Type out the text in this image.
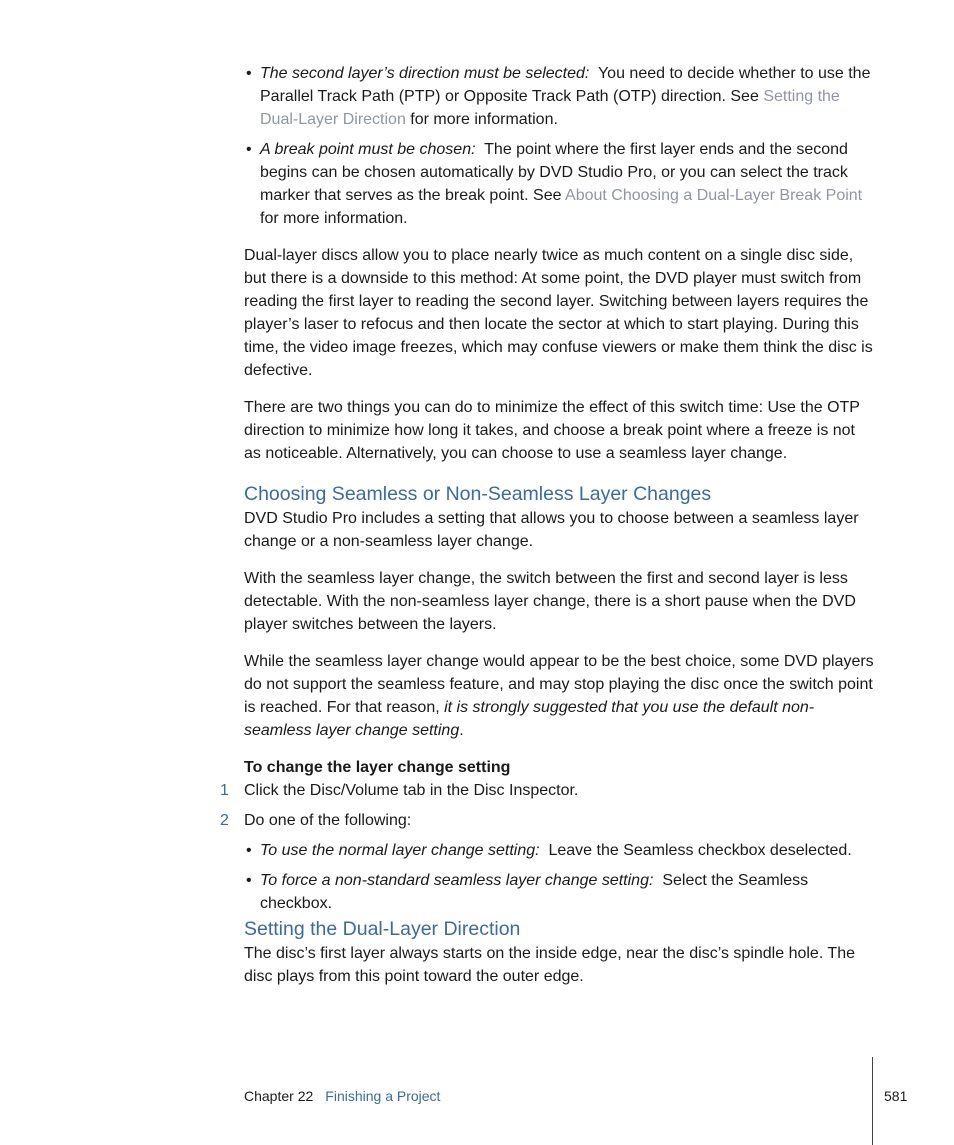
• The second layer’s direction must be selected: You need to decide whether to use the Parallel Track Path (PTP) or Opposite Track Path (OTP) direction. See Setting the Dual-Layer Direction for more information.
• A break point must be chosen: The point where the first layer ends and the second begins can be chosen automatically by DVD Studio Pro, or you can select the track marker that serves as the break point. See About Choosing a Dual-Layer Break Point for more information.

Dual-layer discs allow you to place nearly twice as much content on a single disc side, but there is a downside to this method: At some point, the DVD player must switch from reading the first layer to reading the second layer. Switching between layers requires the player’s laser to refocus and then locate the sector at which to start playing. During this time, the video image freezes, which may confuse viewers or make them think the disc is defective.

There are two things you can do to minimize the effect of this switch time: Use the OTP direction to minimize how long it takes, and choose a break point where a freeze is not as noticeable. Alternatively, you can choose to use a seamless layer change.

Choosing Seamless or Non-Seamless Layer Changes

DVD Studio Pro includes a setting that allows you to choose between a seamless layer change or a non-seamless layer change.

With the seamless layer change, the switch between the first and second layer is less detectable. With the non-seamless layer change, there is a short pause when the DVD player switches between the layers.

While the seamless layer change would appear to be the best choice, some DVD players do not support the seamless feature, and may stop playing the disc once the switch point is reached. For that reason, it is strongly suggested that you use the default non-seamless layer change setting.

To change the layer change setting
1 Click the Disc/Volume tab in the Disc Inspector.
2 Do one of the following:
• To use the normal layer change setting: Leave the Seamless checkbox deselected.
• To force a non-standard seamless layer change setting: Select the Seamless checkbox.
Setting the Dual-Layer Direction

The disc’s first layer always starts on the inside edge, near the disc’s spindle hole. The disc plays from this point toward the outer edge.

Chapter 22 Finishing a Project	581
